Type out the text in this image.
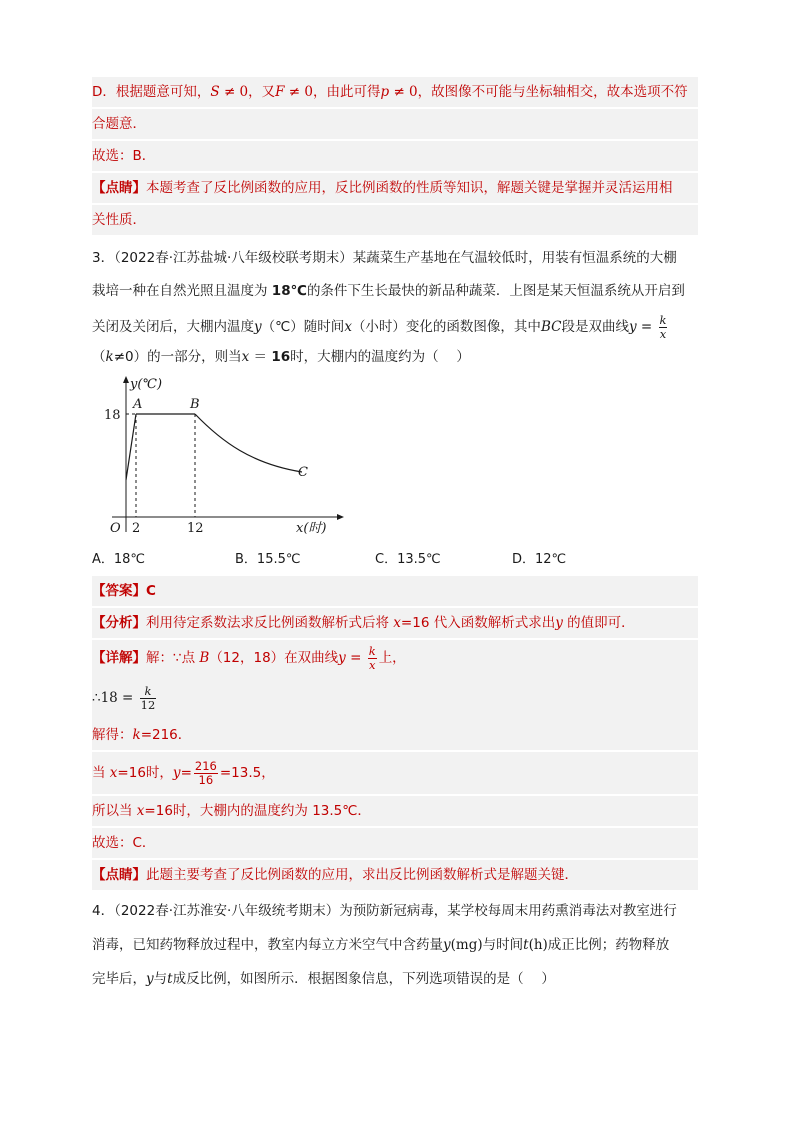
D．根据题意可知，S ≠ 0，又F ≠ 0，由此可得p ≠ 0，故图像不可能与坐标轴相交，故本选项不符
合题意．
故选：B．
【点睛】本题考查了反比例函数的应用，反比例函数的性质等知识，解题关键是掌握并灵活运用相
关性质．
3．（2022春·江苏盐城·八年级校联考期末）某蔬菜生产基地在气温较低时，用装有恒温系统的大棚
栽培一种在自然光照且温度为 18℃的条件下生长最快的新品种蔬菜．上图是某天恒温系统从开启到
关闭及关闭后，大棚内温度y（℃）随时间x（小时）变化的函数图像，其中BC段是双曲线$y = \frac{k}{x}$
（k≠0）的一部分，则当x ＝ 16时，大棚内的温度约为（　 ）
y(℃)
x(时)
O
A	B
C
18
2	12
A．18℃	B．15.5℃	C．13.5℃	D．12℃
【答案】C
【分析】利用待定系数法求反比例函数解析式后将 x=16 代入函数解析式求出y 的值即可．
【详解】解：∵点 B（12，18）在双曲线$y = \frac{k}{x}$ 上，
∴18 = $\frac{k}{12}$
解得：k=216．
当 x=16时，$y= \frac{216}{16} =13.5$，
所以当 x=16时，大棚内的温度约为 13.5℃．
故选：C．
【点睛】此题主要考查了反比例函数的应用，求出反比例函数解析式是解题关键．
4．（2022春·江苏淮安·八年级统考期末）为预防新冠病毒，某学校每周末用药熏消毒法对教室进行
消毒，已知药物释放过程中，教室内每立方米空气中含药量y(mg)与时间t(h)成正比例；药物释放
完毕后，y与t成反比例，如图所示．根据图象信息，下列选项错误的是（　 ）
